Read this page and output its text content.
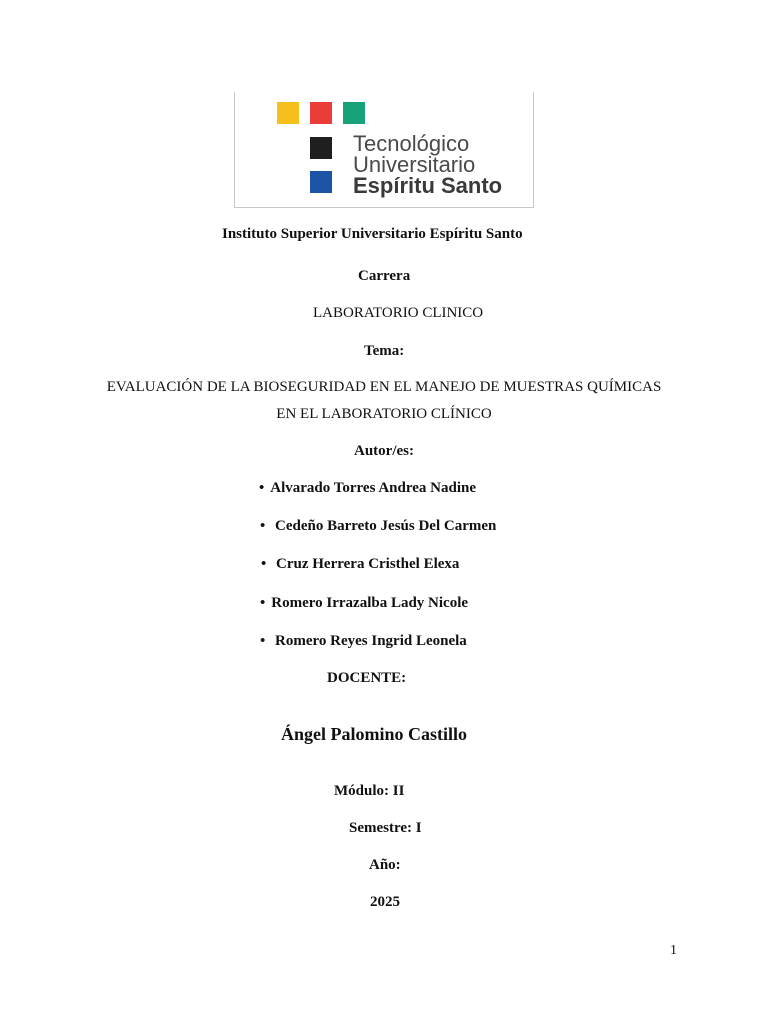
Tecnológico
Universitario
Espíritu Santo
Instituto Superior Universitario Espíritu Santo
Carrera
LABORATORIO CLINICO
Tema:
EVALUACIÓN DE LA BIOSEGURIDAD EN EL MANEJO DE MUESTRAS QUÍMICAS
EN EL LABORATORIO CLÍNICO
Autor/es:
• Alvarado Torres Andrea Nadine
• Cedeño Barreto Jesús Del Carmen
• Cruz Herrera Cristhel Elexa
• Romero Irrazalba Lady Nicole
• Romero Reyes Ingrid Leonela
DOCENTE:
Ángel Palomino Castillo
Módulo: II
Semestre: I
Año:
2025
1
